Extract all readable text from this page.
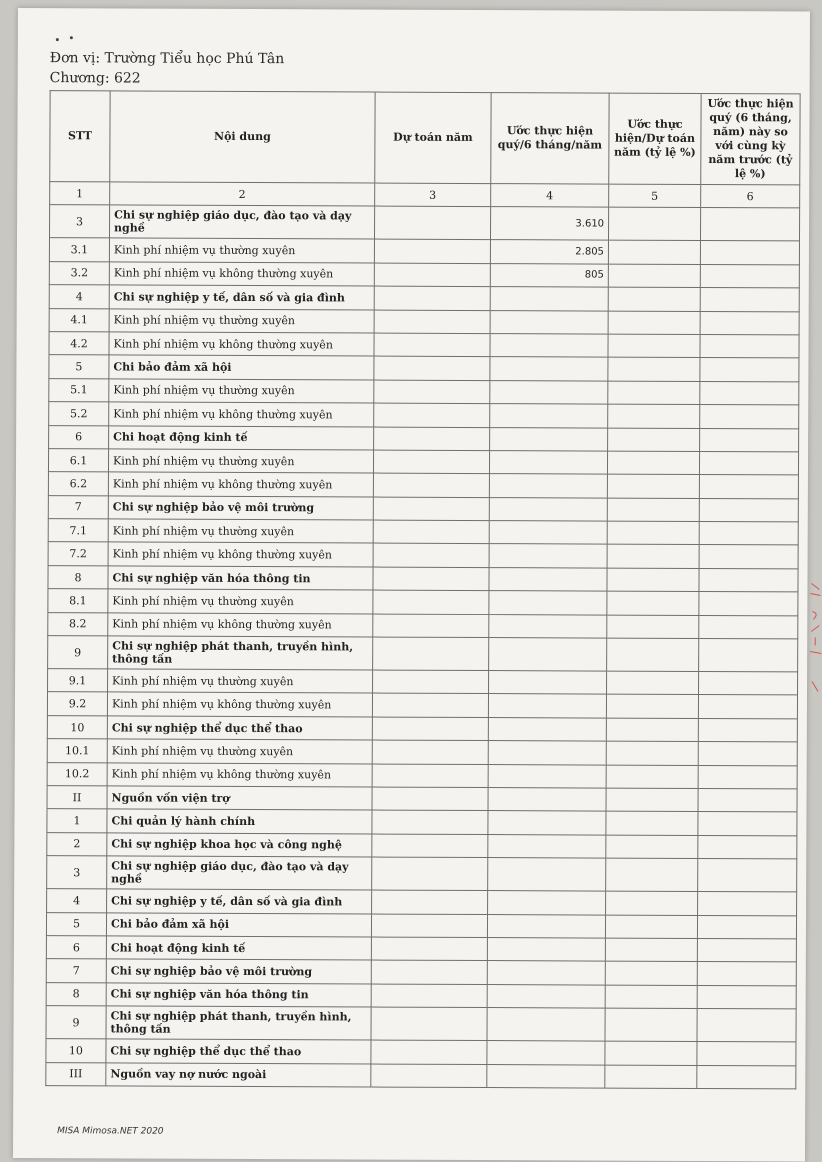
Đơn vị: Trường Tiểu học Phú Tân
Chương: 622
STT	Nội dung	Dự toán năm	Ước thực hiện quý/6 tháng/năm	Ước thực hiện/Dự toán năm (tỷ lệ %)	Ước thực hiện quý (6 tháng, năm) này so với cùng kỳ năm trước (tỷ lệ %)
1	2	3	4	5	6
3	Chi sự nghiệp giáo dục, đào tạo và dạy nghề		3.610		
3.1	Kinh phí nhiệm vụ thường xuyên		2.805		
3.2	Kinh phí nhiệm vụ không thường xuyên		805		
4	Chi sự nghiệp y tế, dân số và gia đình				
4.1	Kinh phí nhiệm vụ thường xuyên				
4.2	Kinh phí nhiệm vụ không thường xuyên				
5	Chi bảo đảm xã hội				
5.1	Kinh phí nhiệm vụ thường xuyên				
5.2	Kinh phí nhiệm vụ không thường xuyên				
6	Chi hoạt động kinh tế				
6.1	Kinh phí nhiệm vụ thường xuyên				
6.2	Kinh phí nhiệm vụ không thường xuyên				
7	Chi sự nghiệp bảo vệ môi trường				
7.1	Kinh phí nhiệm vụ thường xuyên				
7.2	Kinh phí nhiệm vụ không thường xuyên				
8	Chi sự nghiệp văn hóa thông tin				
8.1	Kinh phí nhiệm vụ thường xuyên				
8.2	Kinh phí nhiệm vụ không thường xuyên				
9	Chi sự nghiệp phát thanh, truyền hình, thông tấn				
9.1	Kinh phí nhiệm vụ thường xuyên				
9.2	Kinh phí nhiệm vụ không thường xuyên				
10	Chi sự nghiệp thể dục thể thao				
10.1	Kinh phí nhiệm vụ thường xuyên				
10.2	Kinh phí nhiệm vụ không thường xuyên				
II	Nguồn vốn viện trợ				
1	Chi quản lý hành chính				
2	Chi sự nghiệp khoa học và công nghệ				
3	Chi sự nghiệp giáo dục, đào tạo và dạy nghề				
4	Chi sự nghiệp y tế, dân số và gia đình				
5	Chi bảo đảm xã hội				
6	Chi hoạt động kinh tế				
7	Chi sự nghiệp bảo vệ môi trường				
8	Chi sự nghiệp văn hóa thông tin				
9	Chi sự nghiệp phát thanh, truyền hình, thông tấn				
10	Chi sự nghiệp thể dục thể thao				
III	Nguồn vay nợ nước ngoài				
MISA Mimosa.NET 2020
